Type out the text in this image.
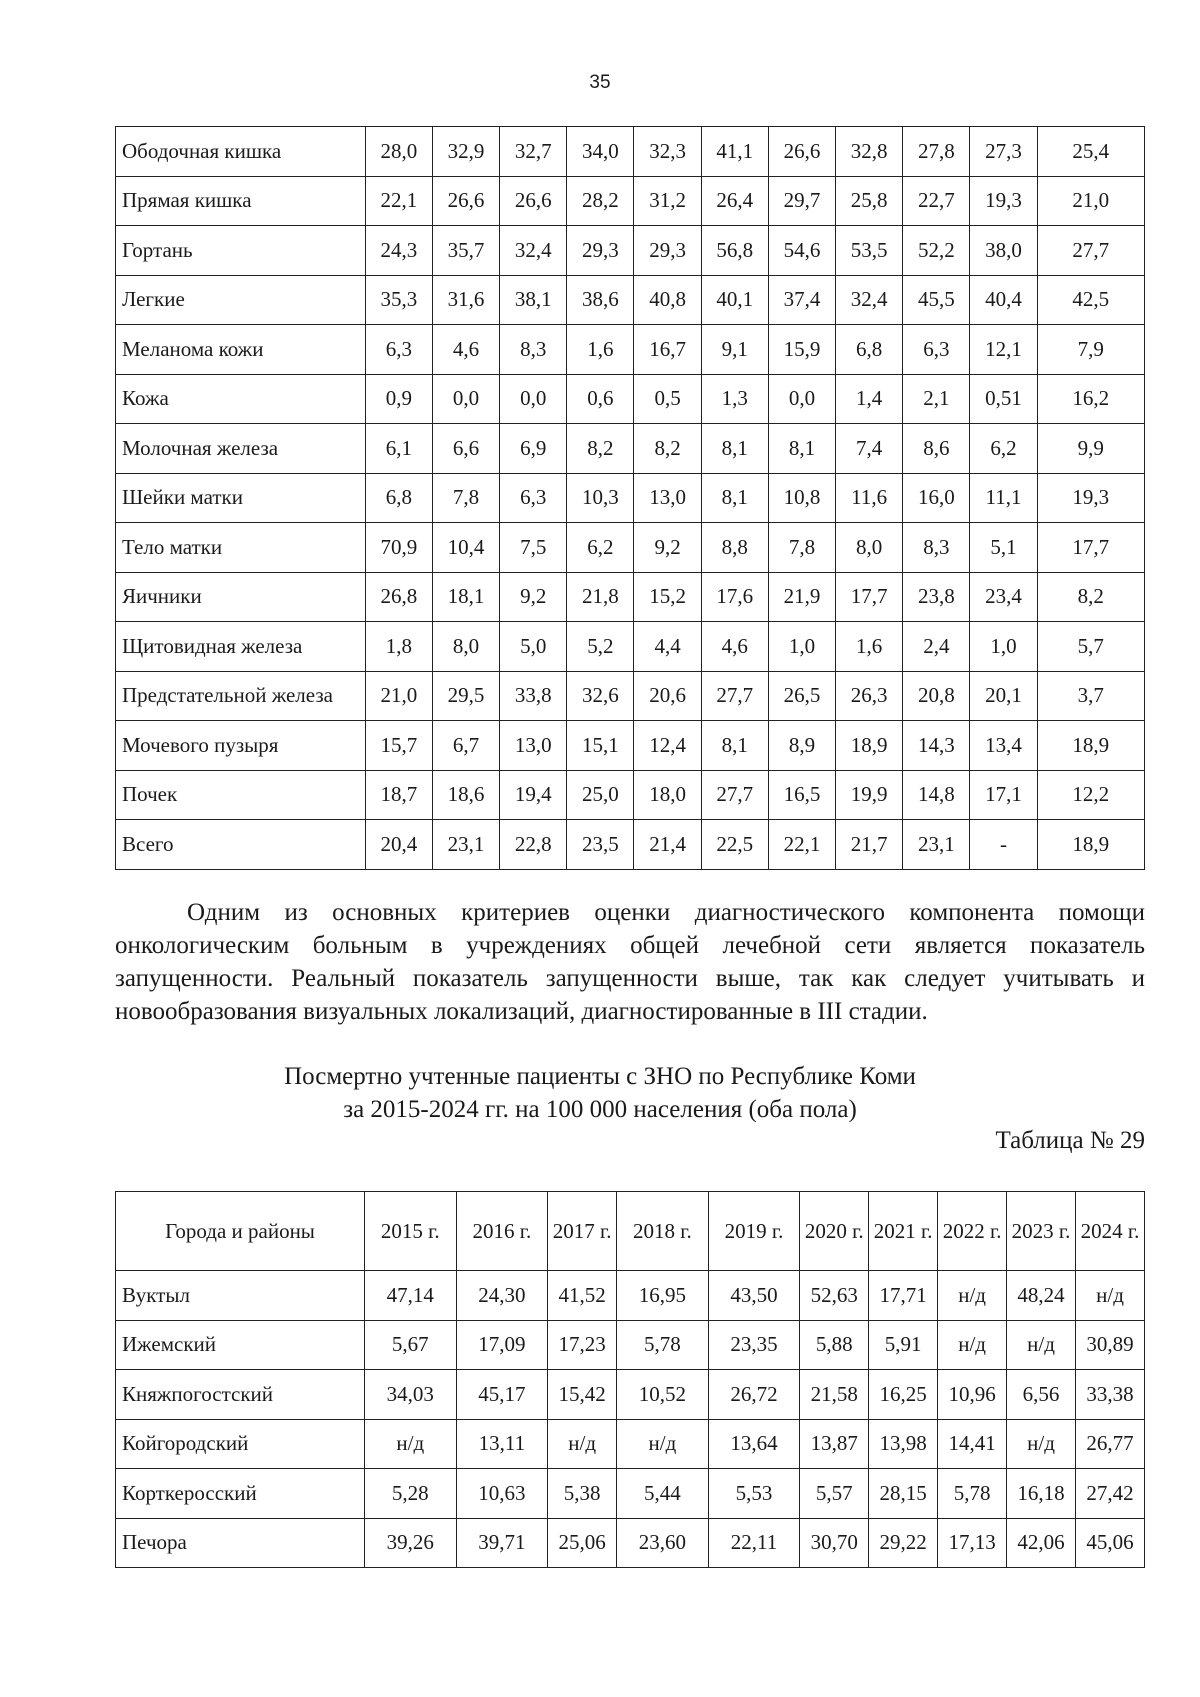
35
Ободочная кишка	28,0	32,9	32,7	34,0	32,3	41,1	26,6	32,8	27,8	27,3	25,4
Прямая кишка	22,1	26,6	26,6	28,2	31,2	26,4	29,7	25,8	22,7	19,3	21,0
Гортань	24,3	35,7	32,4	29,3	29,3	56,8	54,6	53,5	52,2	38,0	27,7
Легкие	35,3	31,6	38,1	38,6	40,8	40,1	37,4	32,4	45,5	40,4	42,5
Меланома кожи	6,3	4,6	8,3	1,6	16,7	9,1	15,9	6,8	6,3	12,1	7,9
Кожа	0,9	0,0	0,0	0,6	0,5	1,3	0,0	1,4	2,1	0,51	16,2
Молочная железа	6,1	6,6	6,9	8,2	8,2	8,1	8,1	7,4	8,6	6,2	9,9
Шейки матки	6,8	7,8	6,3	10,3	13,0	8,1	10,8	11,6	16,0	11,1	19,3
Тело матки	70,9	10,4	7,5	6,2	9,2	8,8	7,8	8,0	8,3	5,1	17,7
Яичники	26,8	18,1	9,2	21,8	15,2	17,6	21,9	17,7	23,8	23,4	8,2
Щитовидная железа	1,8	8,0	5,0	5,2	4,4	4,6	1,0	1,6	2,4	1,0	5,7
Предстательной железа	21,0	29,5	33,8	32,6	20,6	27,7	26,5	26,3	20,8	20,1	3,7
Мочевого пузыря	15,7	6,7	13,0	15,1	12,4	8,1	8,9	18,9	14,3	13,4	18,9
Почек	18,7	18,6	19,4	25,0	18,0	27,7	16,5	19,9	14,8	17,1	12,2
Всего	20,4	23,1	22,8	23,5	21,4	22,5	22,1	21,7	23,1	-	18,9

Одним из основных критериев оценки диагностического компонента помощи онкологическим больным в учреждениях общей лечебной сети является показатель запущенности. Реальный показатель запущенности выше, так как следует учитывать и новообразования визуальных локализаций, диагностированные в III стадии.

Посмертно учтенные пациенты с ЗНО по Республике Коми

за 2015-2024 гг. на 100 000 населения (оба пола)

Таблица № 29

Города и районы	2015 г.	2016 г.	2017 г.	2018 г.	2019 г.	2020 г.	2021 г.	2022 г.	2023 г.	2024 г.
Вуктыл	47,14	24,30	41,52	16,95	43,50	52,63	17,71	н/д	48,24	н/д
Ижемский	5,67	17,09	17,23	5,78	23,35	5,88	5,91	н/д	н/д	30,89
Княжпогостский	34,03	45,17	15,42	10,52	26,72	21,58	16,25	10,96	6,56	33,38
Койгородский	н/д	13,11	н/д	н/д	13,64	13,87	13,98	14,41	н/д	26,77
Корткеросский	5,28	10,63	5,38	5,44	5,53	5,57	28,15	5,78	16,18	27,42
Печора	39,26	39,71	25,06	23,60	22,11	30,70	29,22	17,13	42,06	45,06
